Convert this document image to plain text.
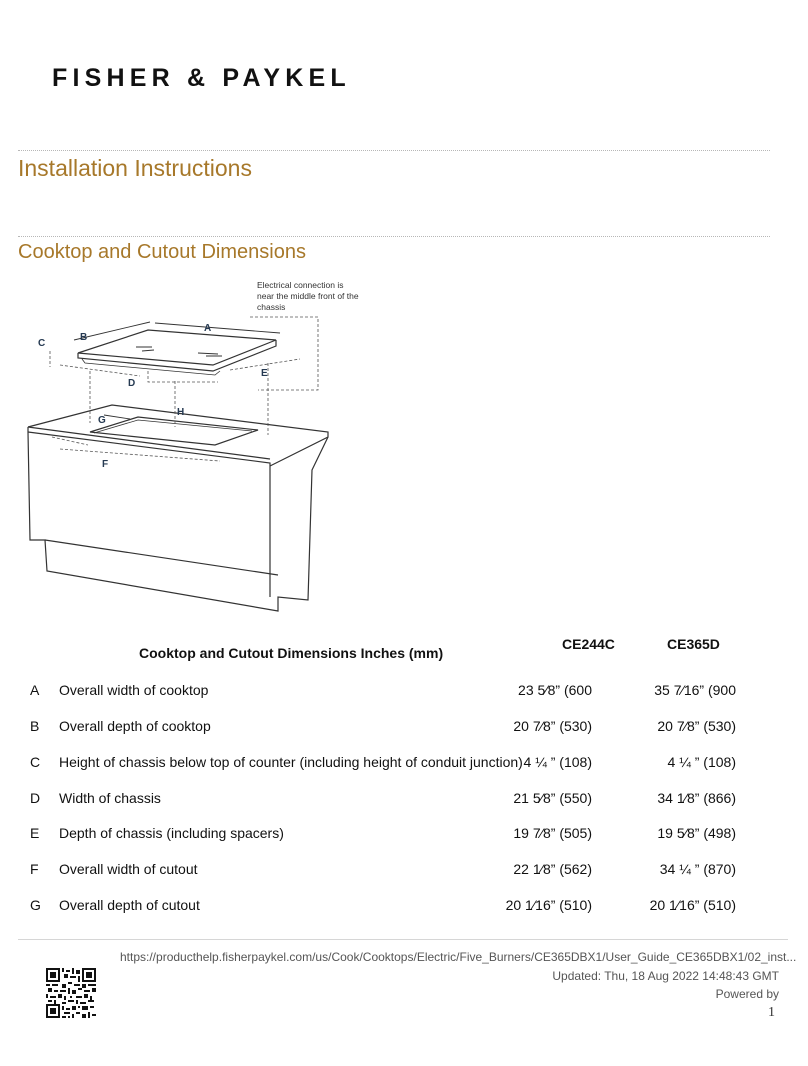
FISHER & PAYKEL
Installation Instructions
Cooktop and Cutout Dimensions
A
B
C
D
E
F
G
H
Electrical connection is
near the middle front of the
chassis
Cooktop and Cutout Dimensions Inches (mm)
CE244C	CE365D
A Overall width of cooktop	23 5⁄8” (600	35 7⁄16” (900
B Overall depth of cooktop	20 7⁄8” (530)	20 7⁄8” (530)
C Height of chassis below top of counter (including height of conduit junction) 4 ¼ ” (108)	4 ¼ ” (108)
D Width of chassis	21 5⁄8” (550)	34 1⁄8” (866)
E Depth of chassis (including spacers)	19 7⁄8” (505)	19 5⁄8” (498)
F Overall width of cutout	22 1⁄8” (562)	34 ¼ ” (870)
G Overall depth of cutout	20 1⁄16” (510)	20 1⁄16” (510)
https://producthelp.fisherpaykel.com/us/Cook/Cooktops/Electric/Five_Burners/CE365DBX1/User_Guide_CE365DBX1/02_inst...
Updated: Thu, 18 Aug 2022 14:48:43 GMT
Powered by
1
